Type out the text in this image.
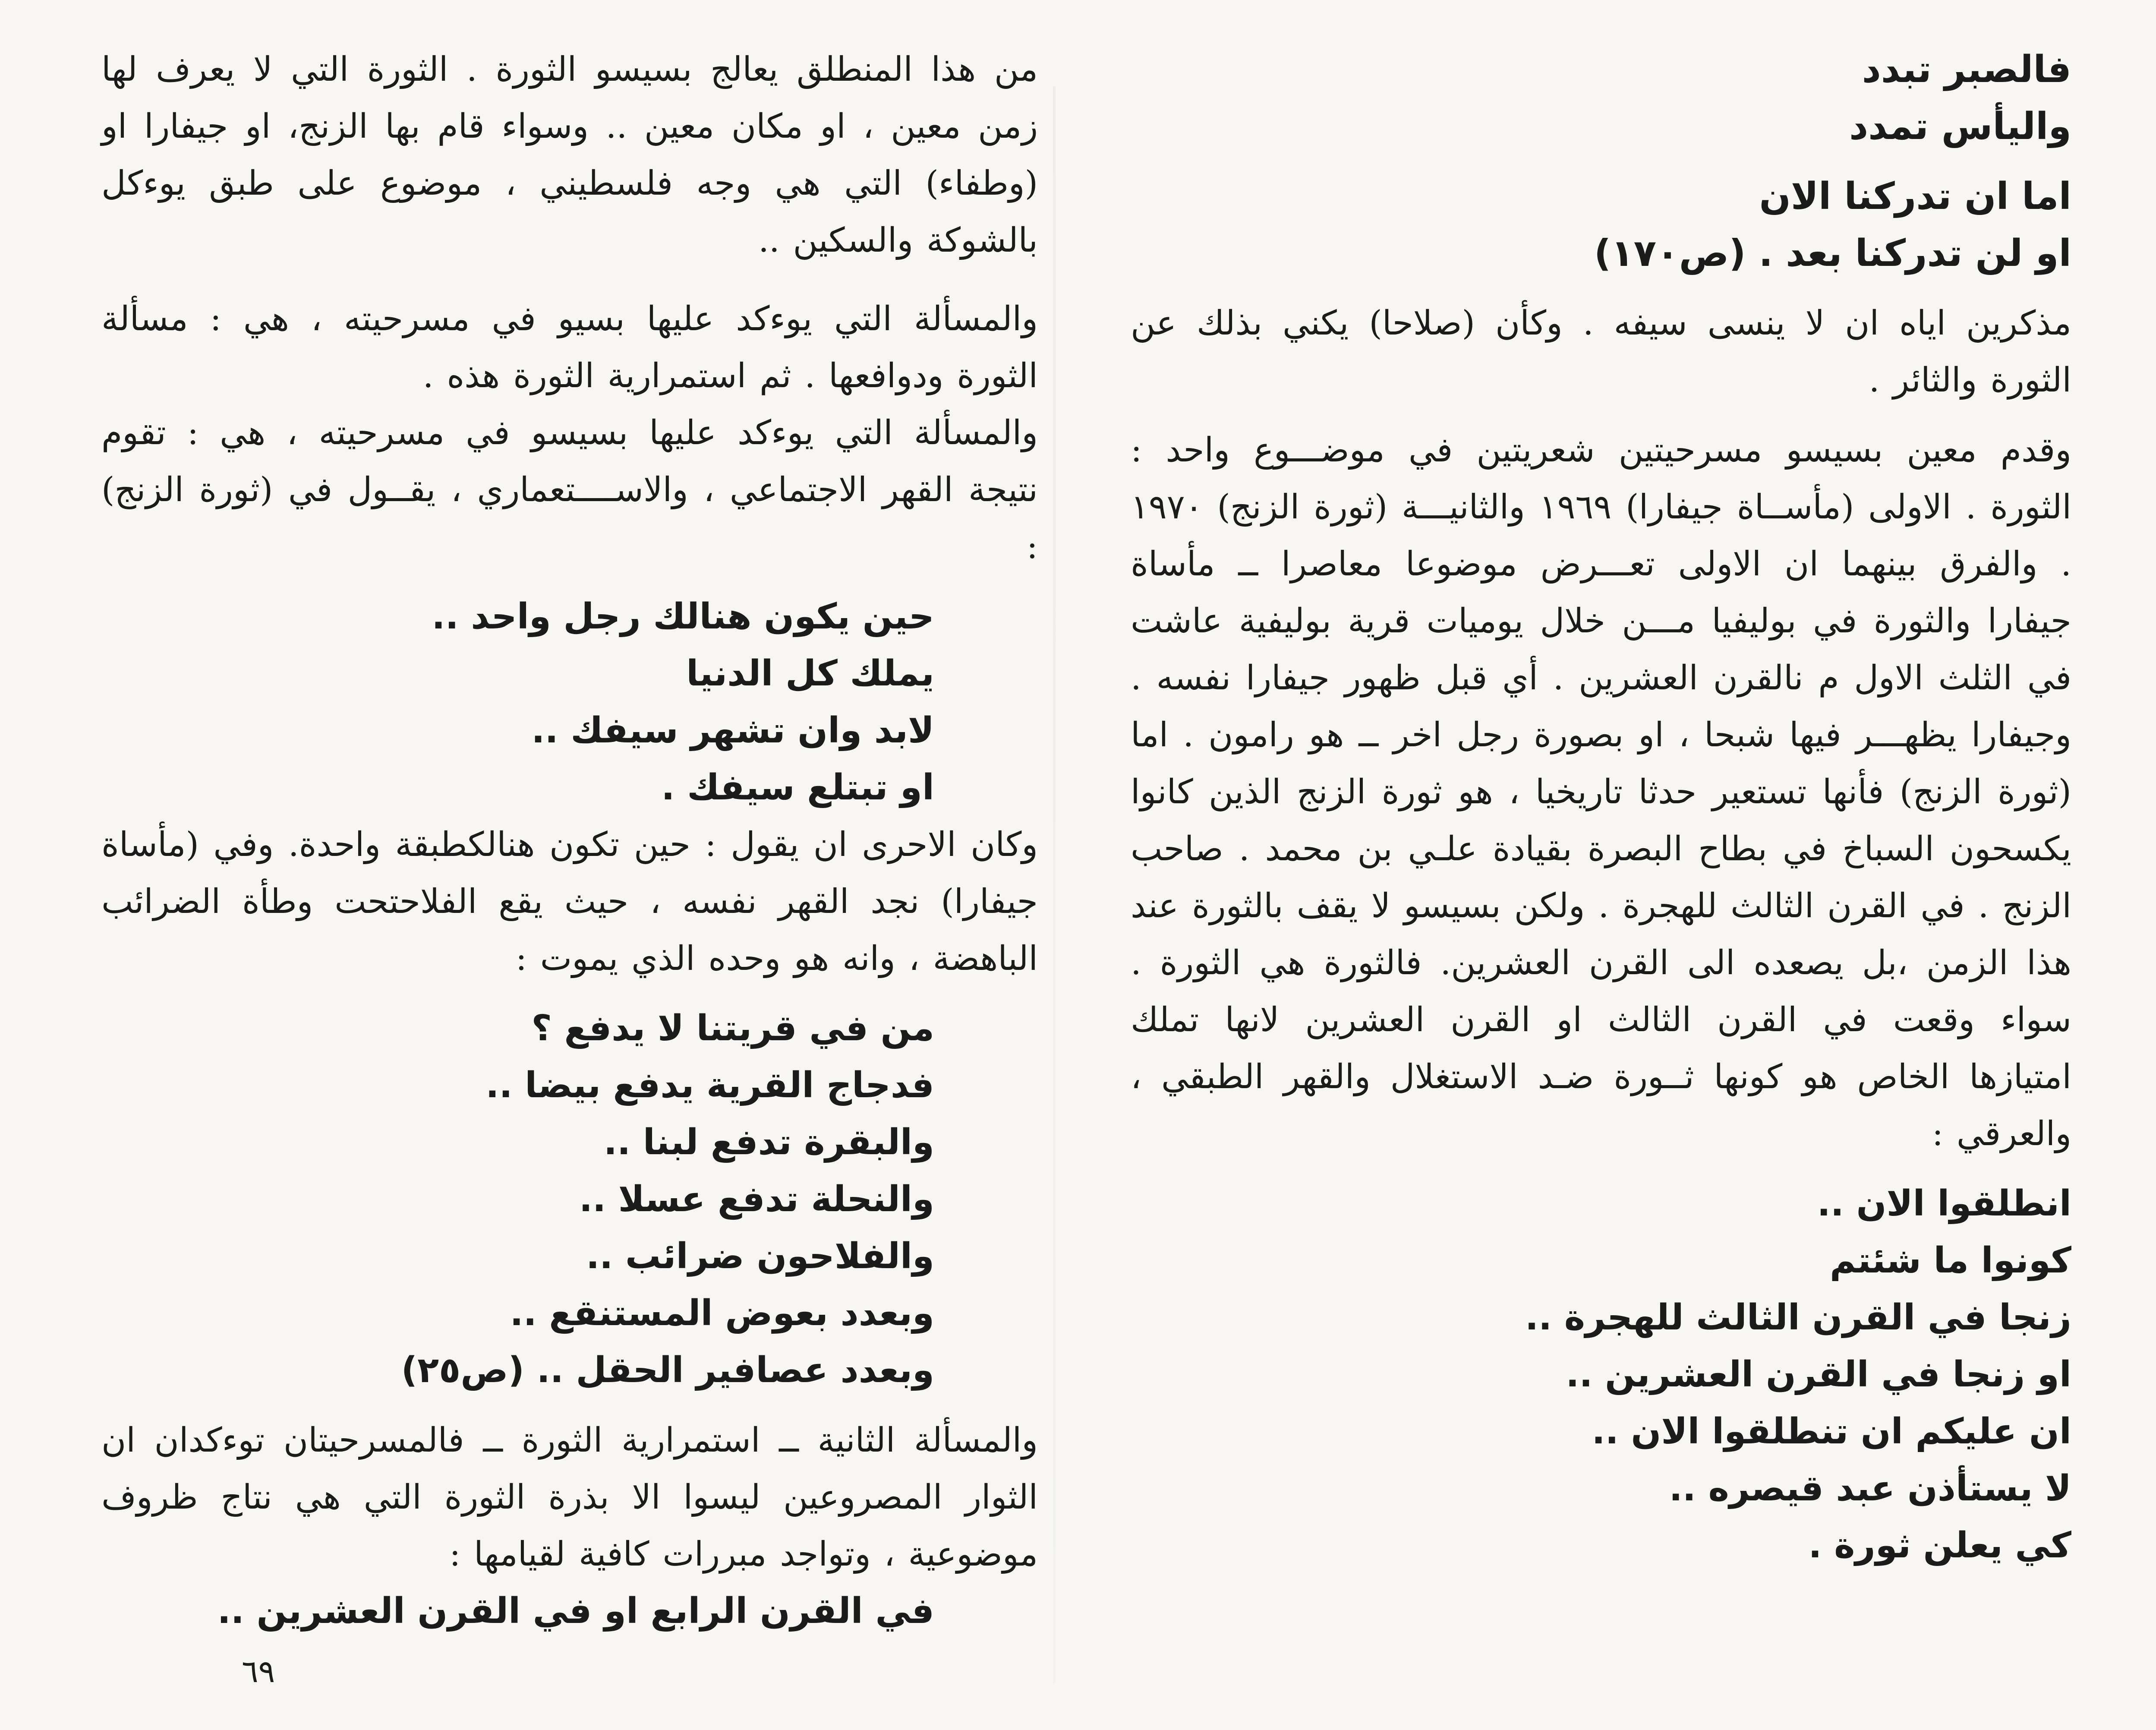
من هذا المنطلق يعالج بسيسو الثورة . الثورة التي لا يعرف لها زمن معين ، او مكان معين .. وسواء قام بها الزنج، او جيفارا او (وطفاء) التي هي وجه فلسطيني ، موضوع على طبق يوءكل بالشوكة والسكين ..

والمسألة التي يوءكد عليها بسيو في مسرحيته ، هي : مسألة الثورة ودوافعها . ثم استمرارية الثورة هذه .

والمسألة التي يوءكد عليها بسيسو في مسرحيته ، هي : تقوم نتيجة القهر الاجتماعي ، والاســــتعماري ، يقــول في (ثورة الزنج) :

حين يكون هنالك رجل واحد ..

يملك كل الدنيا

لابد وان تشهر سيفك ..

او تبتلع سيفك .

وكان الاحرى ان يقول : حين تكون هنالكطبقة واحدة. وفي (مأساة جيفارا) نجد القهر نفسه ، حيث يقع الفلاحتحت وطأة الضرائب الباهضة ، وانه هو وحده الذي يموت :

من في قريتنا لا يدفع ؟

فدجاج القرية يدفع بيضا ..

والبقرة تدفع لبنا ..

والنحلة تدفع عسلا ..

والفلاحون ضرائب ..

وبعدد بعوض المستنقع ..

وبعدد عصافير الحقل .. (ص٢٥)

والمسألة الثانية ــ استمرارية الثورة ــ فالمسرحيتان توءكدان ان الثوار المصروعين ليسوا الا بذرة الثورة التي هي نتاج ظروف موضوعية ، وتواجد مبررات كافية لقيامها :

في القرن الرابع او في القرن العشرين ..

٦٩

فالصبر تبدد

واليأس تمدد

اما ان تدركنا الان

او لن تدركنا بعد . (ص١٧٠)

مذكرين اياه ان لا ينسى سيفه . وكأن (صلاحا) يكني بذلك عن الثورة والثائر .

وقدم معين بسيسو مسرحيتين شعريتين في موضـــوع واحد : الثورة . الاولى (مأســاة جيفارا) ١٩٦٩ والثانيـــة (ثورة الزنج) ١٩٧٠ . والفرق بينهما ان الاولى تعـــرض موضوعا معاصرا ــ مأساة جيفارا والثورة في بوليفيا مـــن خلال يوميات قرية بوليفية عاشت في الثلث الاول م نالقرن العشرين . أي قبل ظهور جيفارا نفسه . وجيفارا يظهـــر فيها شبحا ، او بصورة رجل اخر ــ هو رامون . اما (ثورة الزنج) فأنها تستعير حدثا تاريخيا ، هو ثورة الزنج الذين كانوا يكسحون السباخ في بطاح البصرة بقيادة علـي بن محمد . صاحب الزنج . في القرن الثالث للهجرة . ولكن بسيسو لا يقف بالثورة عند هذا الزمن ،بل يصعده الى القرن العشرين. فالثورة هي الثورة . سواء وقعت في القرن الثالث او القرن العشرين لانها تملك امتيازها الخاص هو كونها ثــورة ضـد الاستغلال والقهر الطبقي ، والعرقي :

انطلقوا الان ..

كونوا ما شئتم

زنجا في القرن الثالث للهجرة ..

او زنجا في القرن العشرين ..

ان عليكم ان تنطلقوا الان ..

لا يستأذن عبد قيصره ..

كي يعلن ثورة .
